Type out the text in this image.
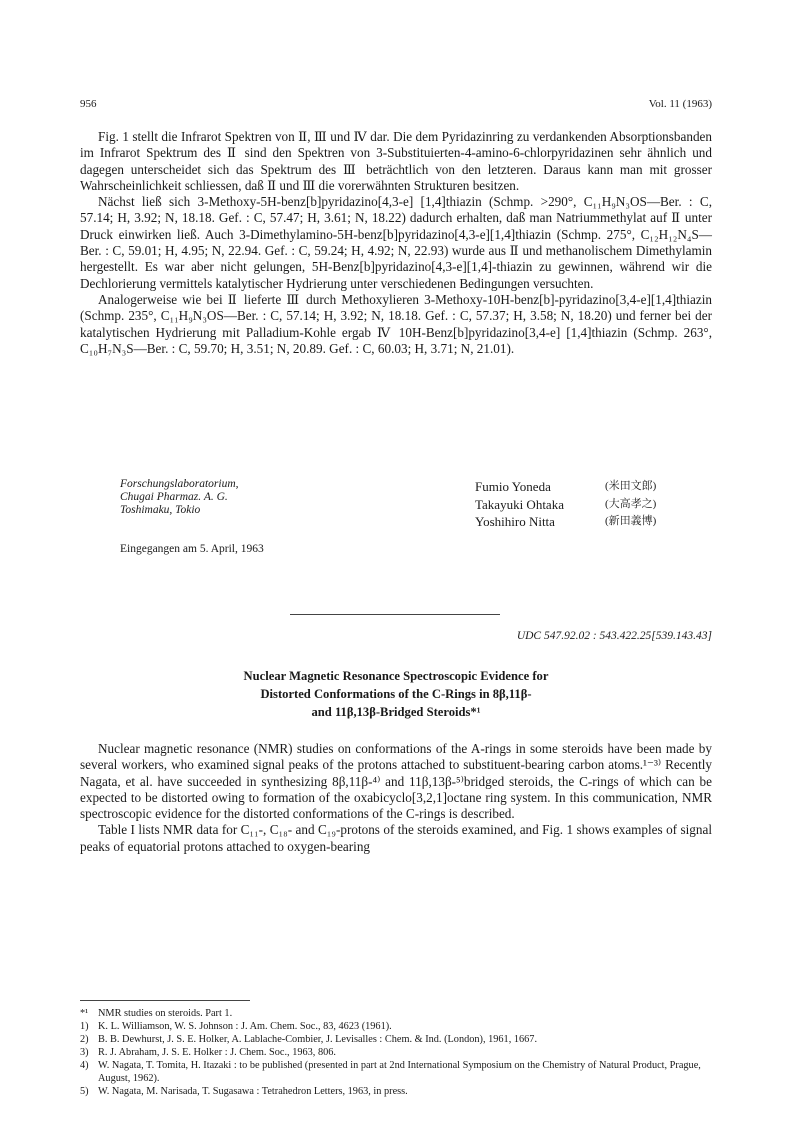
956	Vol. 11 (1963)

Fig. 1 stellt die Infrarot Spektren von Ⅱ, Ⅲ und Ⅳ dar. Die dem Pyridazinring zu verdankenden Absorptionsbanden im Infrarot Spektrum des Ⅱ sind den Spektren von 3-Substituierten-4-amino-6-chlorpyridazinen sehr ähnlich und dagegen unterscheidet sich das Spektrum des Ⅲ beträchtlich von den letzteren. Daraus kann man mit grosser Wahrscheinlichkeit schliessen, daß Ⅱ und Ⅲ die vorerwähnten Strukturen besitzen.

Nächst ließ sich 3-Methoxy-5H-benz[b]pyridazino[4,3-e] [1,4]thiazin (Schmp. >290°, C₁₁H₉N₃OS—Ber. : C, 57.14; H, 3.92; N, 18.18. Gef. : C, 57.47; H, 3.61; N, 18.22) dadurch erhalten, daß man Natriummethylat auf Ⅱ unter Druck einwirken ließ. Auch 3-Dimethylamino-5H-benz[b]pyridazino[4,3-e][1,4]thiazin (Schmp. 275°, C₁₂H₁₂N₄S—Ber. : C, 59.01; H, 4.95; N, 22.94. Gef. : C, 59.24; H, 4.92; N, 22.93) wurde aus Ⅱ und methanolischem Dimethylamin hergestellt. Es war aber nicht gelungen, 5H-Benz[b]pyridazino[4,3-e][1,4]-thiazin zu gewinnen, während wir die Dechlorierung vermittels katalytischer Hydrierung unter verschiedenen Bedingungen versuchten.

Analogerweise wie bei Ⅱ lieferte Ⅲ durch Methoxylieren 3-Methoxy-10H-benz[b]-pyridazino[3,4-e][1,4]thiazin (Schmp. 235°, C₁₁H₉N₃OS—Ber. : C, 57.14; H, 3.92; N, 18.18. Gef. : C, 57.37; H, 3.58; N, 18.20) und ferner bei der katalytischen Hydrierung mit Palladium-Kohle ergab Ⅳ 10H-Benz[b]pyridazino[3,4-e] [1,4]thiazin (Schmp. 263°, C₁₀H₇N₃S—Ber. : C, 59.70; H, 3.51; N, 20.89. Gef. : C, 60.03; H, 3.71; N, 21.01).

Forschungslaboratorium,
Chugai Pharmaz. A. G.
Toshimaku, Tokio
Fumio Yoneda	(米田文郎)
Takayuki Ohtaka	(大高孝之)
Yoshihiro Nitta	(新田義博)
Eingegangen am 5. April, 1963
UDC 547.92.02 : 543.422.25[539.143.43]
Nuclear Magnetic Resonance Spectroscopic Evidence for
Distorted Conformations of the C-Rings in 8β,11β-
and 11β,13β-Bridged Steroids*¹

Nuclear magnetic resonance (NMR) studies on conformations of the A-rings in some steroids have been made by several workers, who examined signal peaks of the protons attached to substituent-bearing carbon atoms.¹⁻³⁾ Recently Nagata, et al. have succeeded in synthesizing 8β,11β-⁴⁾ and 11β,13β-⁵⁾bridged steroids, the C-rings of which can be expected to be distorted owing to formation of the oxabicyclo[3,2,1]octane ring system. In this communication, NMR spectroscopic evidence for the distorted conformations of the C-rings is described.

Table I lists NMR data for C₁₁-, C₁₈- and C₁₉-protons of the steroids examined, and Fig. 1 shows examples of signal peaks of equatorial protons attached to oxygen-bearing

*¹ NMR studies on steroids. Part 1.
1) K. L. Williamson, W. S. Johnson : J. Am. Chem. Soc., 83, 4623 (1961).
2) B. B. Dewhurst, J. S. E. Holker, A. Lablache-Combier, J. Levisalles : Chem. & Ind. (London), 1961, 1667.
3) R. J. Abraham, J. S. E. Holker : J. Chem. Soc., 1963, 806.
4) W. Nagata, T. Tomita, H. Itazaki : to be published (presented in part at 2nd International Symposium on the Chemistry of Natural Product, Prague, August, 1962).
5) W. Nagata, M. Narisada, T. Sugasawa : Tetrahedron Letters, 1963, in press.
